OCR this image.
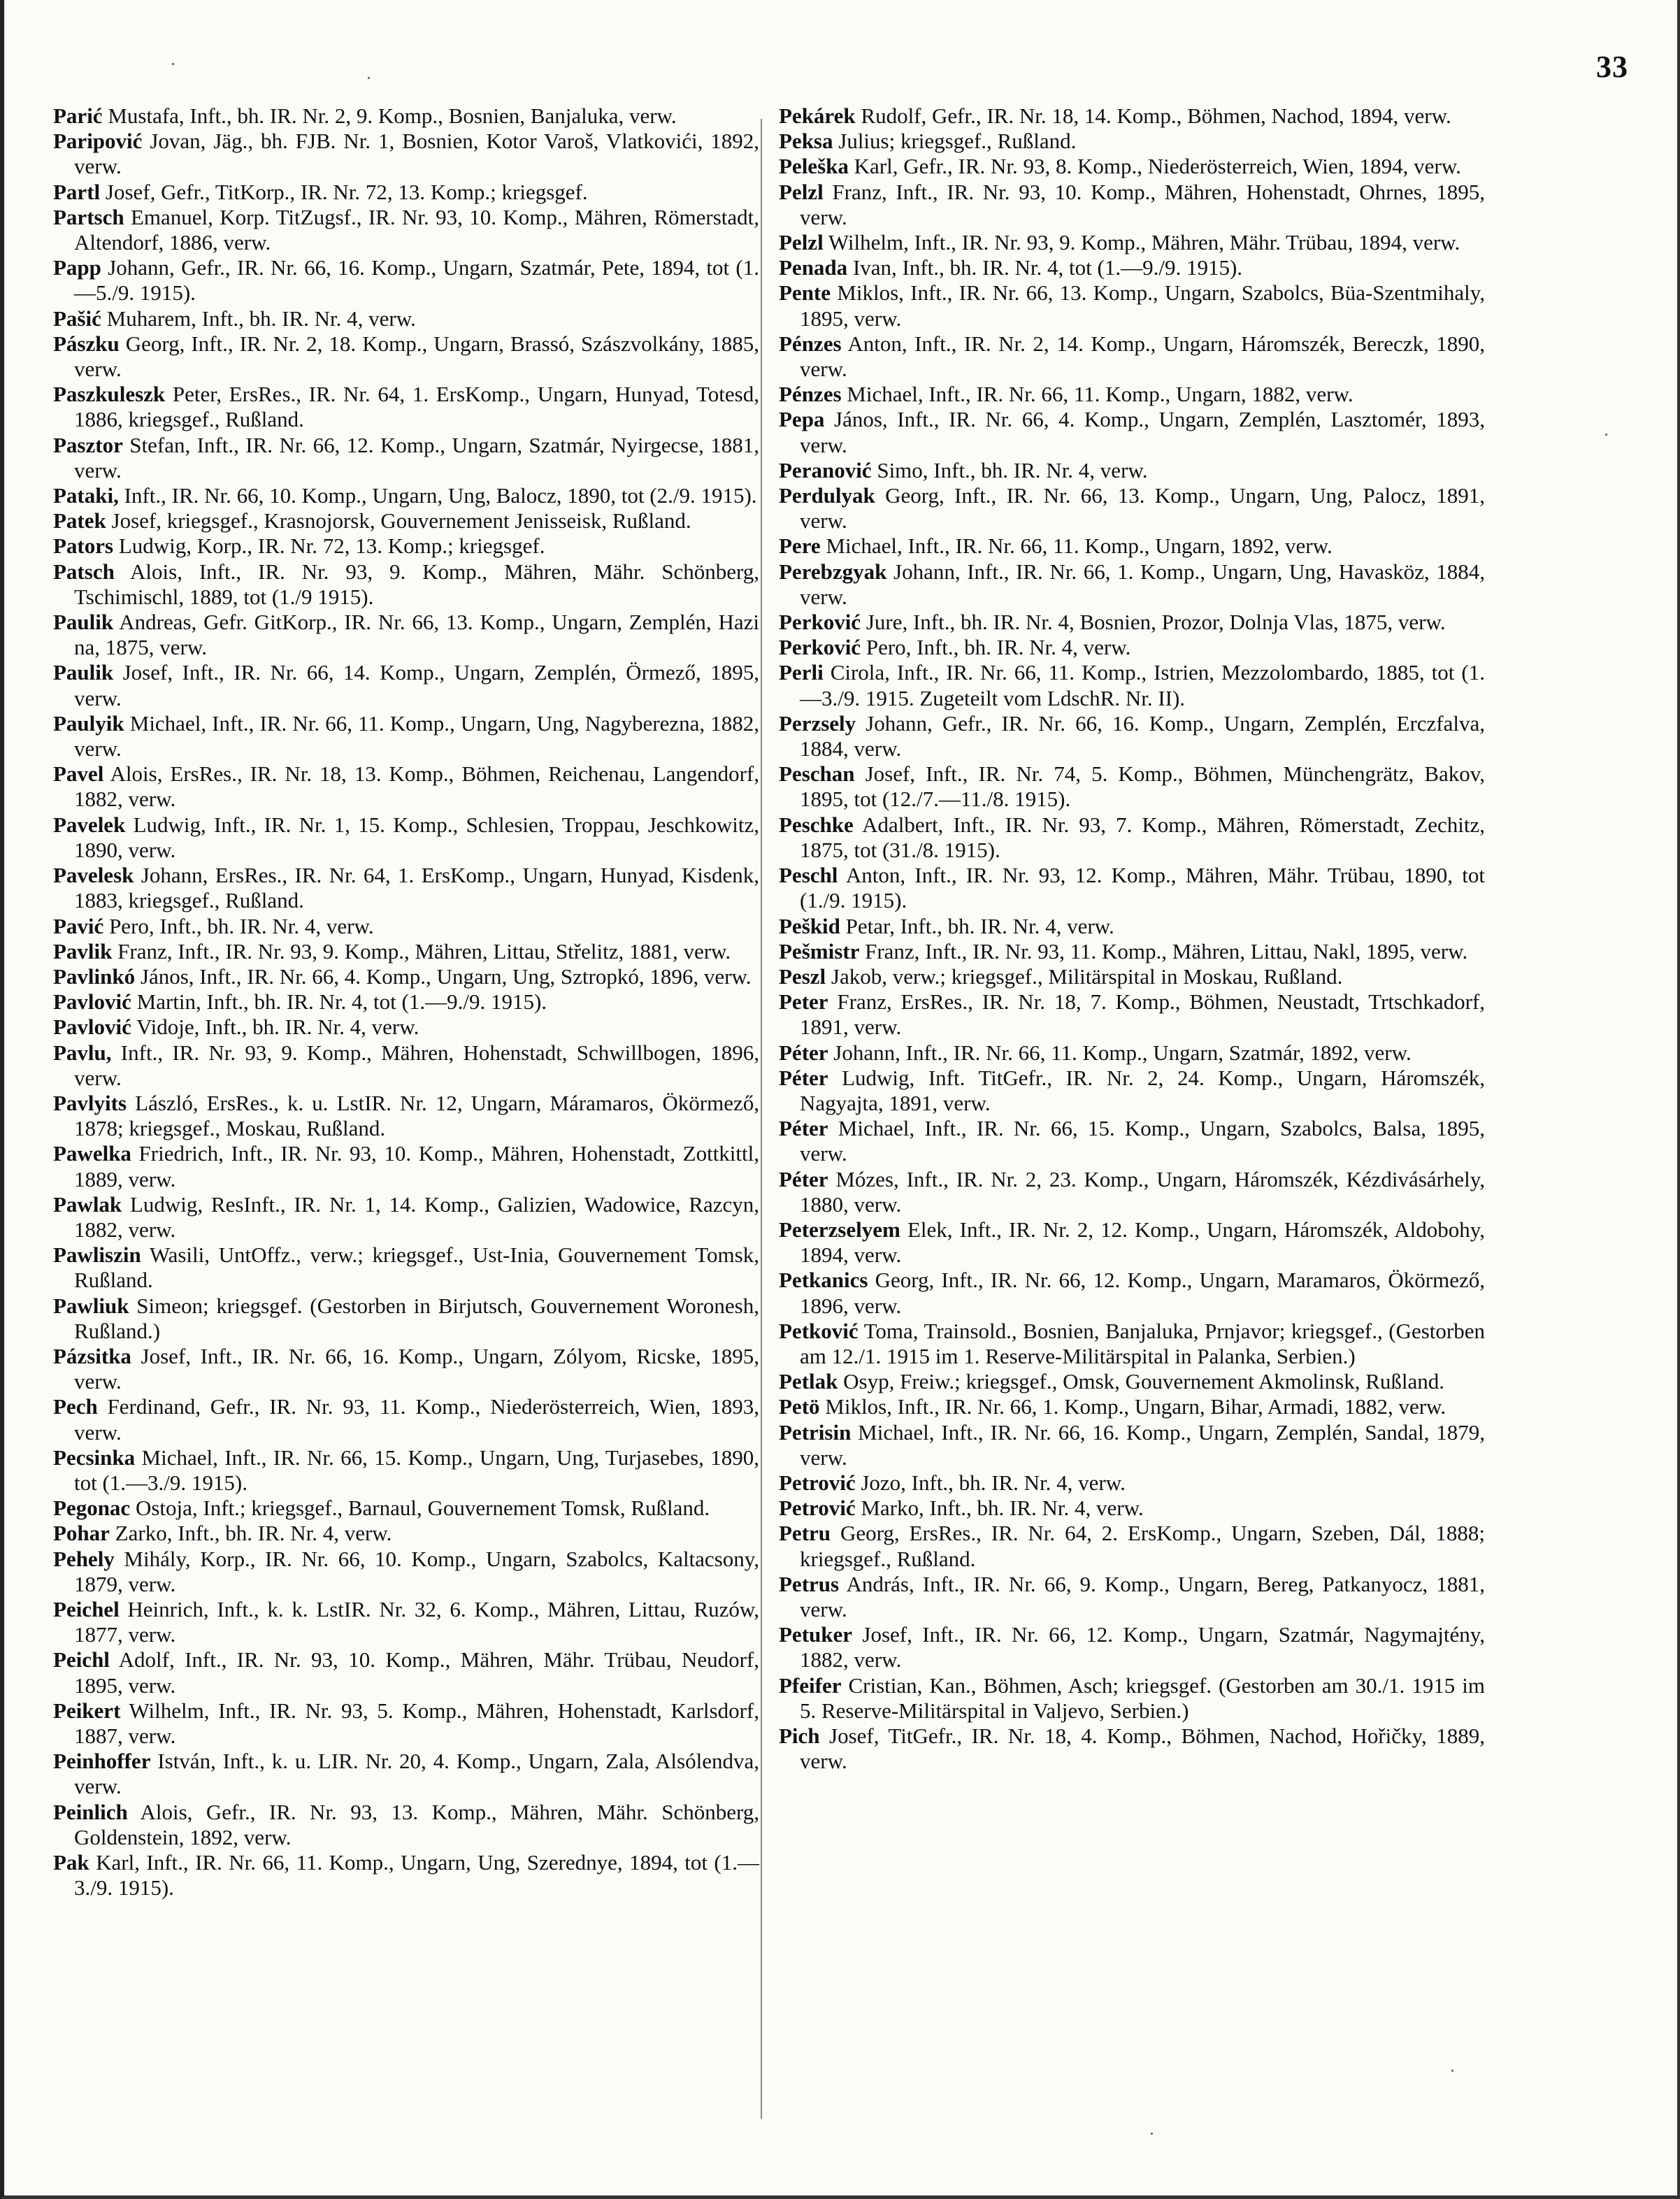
33

Parić Mustafa, Inft., bh. IR. Nr. 2, 9. Komp., Bosnien, Banjaluka, verw.

Paripović Jovan, Jäg., bh. FJB. Nr. 1, Bosnien, Kotor Varoš, Vlatkovići, 1892, verw.

Partl Josef, Gefr., TitKorp., IR. Nr. 72, 13. Komp.; kriegsgef.

Partsch Emanuel, Korp. TitZugsf., IR. Nr. 93, 10. Komp., Mähren, Römerstadt, Altendorf, 1886, verw.

Papp Johann, Gefr., IR. Nr. 66, 16. Komp., Ungarn, Szatmár, Pete, 1894, tot (1.—5./9. 1915).

Pašić Muharem, Inft., bh. IR. Nr. 4, verw.

Pászku Georg, Inft., IR. Nr. 2, 18. Komp., Ungarn, Brassó, Szászvolkány, 1885, verw.

Paszkuleszk Peter, ErsRes., IR. Nr. 64, 1. ErsKomp., Ungarn, Hunyad, Totesd, 1886, kriegsgef., Rußland.

Pasztor Stefan, Inft., IR. Nr. 66, 12. Komp., Ungarn, Szatmár, Nyirgecse, 1881, verw.

Pataki, Inft., IR. Nr. 66, 10. Komp., Ungarn, Ung, Balocz, 1890, tot (2./9. 1915).

Patek Josef, kriegsgef., Krasnojorsk, Gouvernement Jenisseisk, Rußland.

Pators Ludwig, Korp., IR. Nr. 72, 13. Komp.; kriegsgef.

Patsch Alois, Inft., IR. Nr. 93, 9. Komp., Mähren, Mähr. Schönberg, Tschimischl, 1889, tot (1./9 1915).

Paulik Andreas, Gefr. GitKorp., IR. Nr. 66, 13. Komp., Ungarn, Zemplén, Hazi na, 1875, verw.

Paulik Josef, Inft., IR. Nr. 66, 14. Komp., Ungarn, Zemplén, Örmező, 1895, verw.

Paulyik Michael, Inft., IR. Nr. 66, 11. Komp., Ungarn, Ung, Nagyberezna, 1882, verw.

Pavel Alois, ErsRes., IR. Nr. 18, 13. Komp., Böhmen, Reichenau, Langendorf, 1882, verw.

Pavelek Ludwig, Inft., IR. Nr. 1, 15. Komp., Schlesien, Troppau, Jeschkowitz, 1890, verw.

Pavelesk Johann, ErsRes., IR. Nr. 64, 1. ErsKomp., Ungarn, Hunyad, Kisdenk, 1883, kriegsgef., Rußland.

Pavić Pero, Inft., bh. IR. Nr. 4, verw.

Pavlik Franz, Inft., IR. Nr. 93, 9. Komp., Mähren, Littau, Střelitz, 1881, verw.

Pavlinkó János, Inft., IR. Nr. 66, 4. Komp., Ungarn, Ung, Sztropkó, 1896, verw.

Pavlović Martin, Inft., bh. IR. Nr. 4, tot (1.—9./9. 1915).

Pavlović Vidoje, Inft., bh. IR. Nr. 4, verw.

Pavlu, Inft., IR. Nr. 93, 9. Komp., Mähren, Hohenstadt, Schwillbogen, 1896, verw.

Pavlyits László, ErsRes., k. u. LstIR. Nr. 12, Ungarn, Máramaros, Ökörmező, 1878; kriegsgef., Moskau, Rußland.

Pawelka Friedrich, Inft., IR. Nr. 93, 10. Komp., Mähren, Hohenstadt, Zottkittl, 1889, verw.

Pawlak Ludwig, ResInft., IR. Nr. 1, 14. Komp., Galizien, Wadowice, Razcyn, 1882, verw.

Pawliszin Wasili, UntOffz., verw.; kriegsgef., Ust-Inia, Gouvernement Tomsk, Rußland.

Pawliuk Simeon; kriegsgef. (Gestorben in Birjutsch, Gouvernement Woronesh, Rußland.)

Pázsitka Josef, Inft., IR. Nr. 66, 16. Komp., Ungarn, Zólyom, Ricske, 1895, verw.

Pech Ferdinand, Gefr., IR. Nr. 93, 11. Komp., Niederösterreich, Wien, 1893, verw.

Pecsinka Michael, Inft., IR. Nr. 66, 15. Komp., Ungarn, Ung, Turjasebes, 1890, tot (1.—3./9. 1915).

Pegonac Ostoja, Inft.; kriegsgef., Barnaul, Gouvernement Tomsk, Rußland.

Pohar Zarko, Inft., bh. IR. Nr. 4, verw.

Pehely Mihály, Korp., IR. Nr. 66, 10. Komp., Ungarn, Szabolcs, Kaltacsony, 1879, verw.

Peichel Heinrich, Inft., k. k. LstIR. Nr. 32, 6. Komp., Mähren, Littau, Ruzów, 1877, verw.

Peichl Adolf, Inft., IR. Nr. 93, 10. Komp., Mähren, Mähr. Trübau, Neudorf, 1895, verw.

Peikert Wilhelm, Inft., IR. Nr. 93, 5. Komp., Mähren, Hohenstadt, Karlsdorf, 1887, verw.

Peinhoffer István, Inft., k. u. LIR. Nr. 20, 4. Komp., Ungarn, Zala, Alsólendva, verw.

Peinlich Alois, Gefr., IR. Nr. 93, 13. Komp., Mähren, Mähr. Schönberg, Goldenstein, 1892, verw.

Pak Karl, Inft., IR. Nr. 66, 11. Komp., Ungarn, Ung, Szerednye, 1894, tot (1.—3./9. 1915).

Pekárek Rudolf, Gefr., IR. Nr. 18, 14. Komp., Böhmen, Nachod, 1894, verw.

Peksa Julius; kriegsgef., Rußland.

Peleška Karl, Gefr., IR. Nr. 93, 8. Komp., Niederösterreich, Wien, 1894, verw.

Pelzl Franz, Inft., IR. Nr. 93, 10. Komp., Mähren, Hohenstadt, Ohrnes, 1895, verw.

Pelzl Wilhelm, Inft., IR. Nr. 93, 9. Komp., Mähren, Mähr. Trübau, 1894, verw.

Penada Ivan, Inft., bh. IR. Nr. 4, tot (1.—9./9. 1915).

Pente Miklos, Inft., IR. Nr. 66, 13. Komp., Ungarn, Szabolcs, Büa-Szentmihaly, 1895, verw.

Pénzes Anton, Inft., IR. Nr. 2, 14. Komp., Ungarn, Háromszék, Bereczk, 1890, verw.

Pénzes Michael, Inft., IR. Nr. 66, 11. Komp., Ungarn, 1882, verw.

Pepa János, Inft., IR. Nr. 66, 4. Komp., Ungarn, Zemplén, Lasztomér, 1893, verw.

Peranović Simo, Inft., bh. IR. Nr. 4, verw.

Perdulyak Georg, Inft., IR. Nr. 66, 13. Komp., Ungarn, Ung, Palocz, 1891, verw.

Pere Michael, Inft., IR. Nr. 66, 11. Komp., Ungarn, 1892, verw.

Perebzgyak Johann, Inft., IR. Nr. 66, 1. Komp., Ungarn, Ung, Havasköz, 1884, verw.

Perković Jure, Inft., bh. IR. Nr. 4, Bosnien, Prozor, Dolnja Vlas, 1875, verw.

Perković Pero, Inft., bh. IR. Nr. 4, verw.

Perli Cirola, Inft., IR. Nr. 66, 11. Komp., Istrien, Mezzolombardo, 1885, tot (1.—3./9. 1915. Zugeteilt vom LdschR. Nr. II).

Perzsely Johann, Gefr., IR. Nr. 66, 16. Komp., Ungarn, Zemplén, Erczfalva, 1884, verw.

Peschan Josef, Inft., IR. Nr. 74, 5. Komp., Böhmen, Münchengrätz, Bakov, 1895, tot (12./7.—11./8. 1915).

Peschke Adalbert, Inft., IR. Nr. 93, 7. Komp., Mähren, Römerstadt, Zechitz, 1875, tot (31./8. 1915).

Peschl Anton, Inft., IR. Nr. 93, 12. Komp., Mähren, Mähr. Trübau, 1890, tot (1./9. 1915).

Peškid Petar, Inft., bh. IR. Nr. 4, verw.

Pešmistr Franz, Inft., IR. Nr. 93, 11. Komp., Mähren, Littau, Nakl, 1895, verw.

Peszl Jakob, verw.; kriegsgef., Militärspital in Moskau, Rußland.

Peter Franz, ErsRes., IR. Nr. 18, 7. Komp., Böhmen, Neustadt, Trtschkadorf, 1891, verw.

Péter Johann, Inft., IR. Nr. 66, 11. Komp., Ungarn, Szatmár, 1892, verw.

Péter Ludwig, Inft. TitGefr., IR. Nr. 2, 24. Komp., Ungarn, Háromszék, Nagyajta, 1891, verw.

Péter Michael, Inft., IR. Nr. 66, 15. Komp., Ungarn, Szabolcs, Balsa, 1895, verw.

Péter Mózes, Inft., IR. Nr. 2, 23. Komp., Ungarn, Háromszék, Kézdivásárhely, 1880, verw.

Peterzselyem Elek, Inft., IR. Nr. 2, 12. Komp., Ungarn, Háromszék, Aldobohy, 1894, verw.

Petkanics Georg, Inft., IR. Nr. 66, 12. Komp., Ungarn, Maramaros, Ökörmező, 1896, verw.

Petković Toma, Trainsold., Bosnien, Banjaluka, Prnjavor; kriegsgef., (Gestorben am 12./1. 1915 im 1. Reserve-Militärspital in Palanka, Serbien.)

Petlak Osyp, Freiw.; kriegsgef., Omsk, Gouvernement Akmolinsk, Rußland.

Petö Miklos, Inft., IR. Nr. 66, 1. Komp., Ungarn, Bihar, Armadi, 1882, verw.

Petrisin Michael, Inft., IR. Nr. 66, 16. Komp., Ungarn, Zemplén, Sandal, 1879, verw.

Petrović Jozo, Inft., bh. IR. Nr. 4, verw.

Petrović Marko, Inft., bh. IR. Nr. 4, verw.

Petru Georg, ErsRes., IR. Nr. 64, 2. ErsKomp., Ungarn, Szeben, Dál, 1888; kriegsgef., Rußland.

Petrus András, Inft., IR. Nr. 66, 9. Komp., Ungarn, Bereg, Patkanyocz, 1881, verw.

Petuker Josef, Inft., IR. Nr. 66, 12. Komp., Ungarn, Szatmár, Nagymajtény, 1882, verw.

Pfeifer Cristian, Kan., Böhmen, Asch; kriegsgef. (Gestorben am 30./1. 1915 im 5. Reserve-Militärspital in Valjevo, Serbien.)

Pich Josef, TitGefr., IR. Nr. 18, 4. Komp., Böhmen, Nachod, Hořičky, 1889, verw.
